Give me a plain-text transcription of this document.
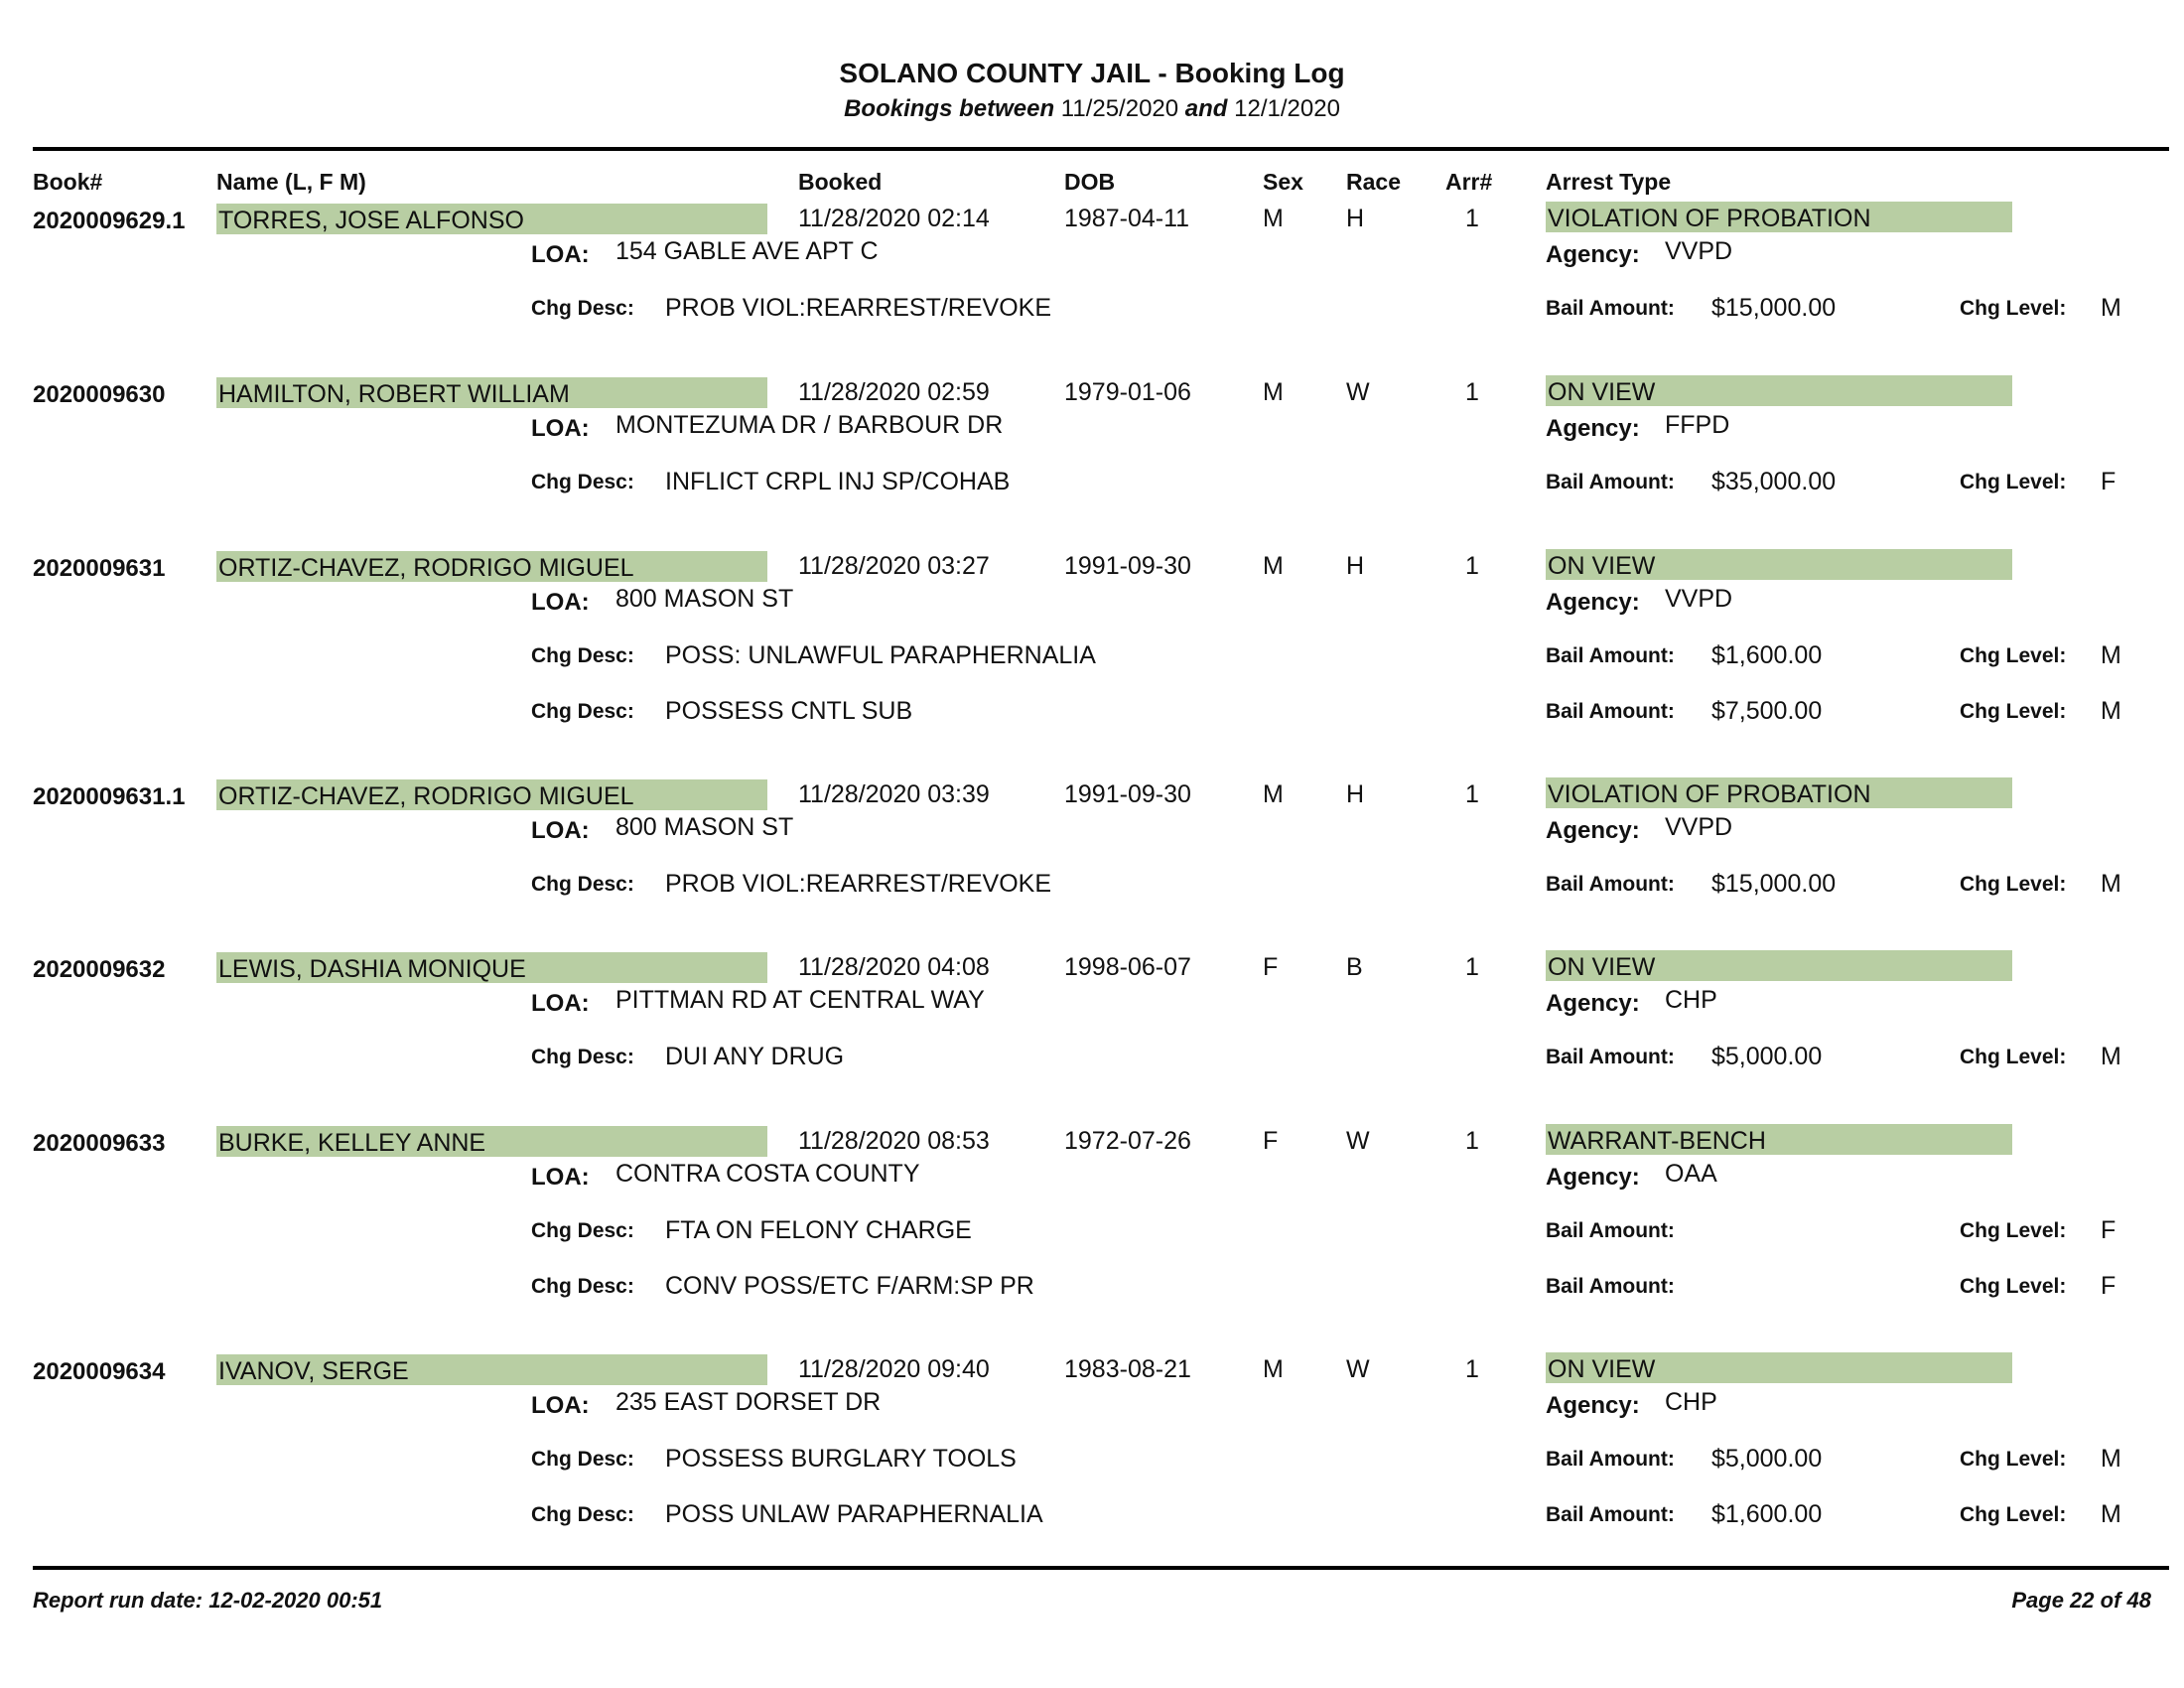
SOLANO COUNTY JAIL - Booking Log
Bookings between 11/25/2020 and 12/1/2020
Book#	Name (L, F M)	Booked	DOB	Sex Race Arr# Arrest Type
2020009629.1 TORRES, JOSE ALFONSO	11/28/2020 02:14	1987-04-11	M	H	1	VIOLATION OF PROBATION
LOA: 154 GABLE AVE APT C	Agency: VVPD
Chg Desc: PROB VIOL:REARREST/REVOKE	Bail Amount: $15,000.00	Chg Level: M
2020009630 HAMILTON, ROBERT WILLIAM	11/28/2020 02:59	1979-01-06	M	W	1	ON VIEW
LOA: MONTEZUMA DR / BARBOUR DR	Agency: FFPD
Chg Desc: INFLICT CRPL INJ SP/COHAB	Bail Amount: $35,000.00	Chg Level: F
2020009631 ORTIZ-CHAVEZ, RODRIGO MIGUEL	11/28/2020 03:27	1991-09-30	M	H	1	ON VIEW
LOA: 800 MASON ST	Agency: VVPD
Chg Desc: POSS: UNLAWFUL PARAPHERNALIA	Bail Amount: $1,600.00	Chg Level: M
Chg Desc: POSSESS CNTL SUB	Bail Amount: $7,500.00	Chg Level: M
2020009631.1 ORTIZ-CHAVEZ, RODRIGO MIGUEL	11/28/2020 03:39	1991-09-30	M	H	1	VIOLATION OF PROBATION
LOA: 800 MASON ST	Agency: VVPD
Chg Desc: PROB VIOL:REARREST/REVOKE	Bail Amount: $15,000.00	Chg Level: M
2020009632 LEWIS, DASHIA MONIQUE	11/28/2020 04:08	1998-06-07	F	B	1	ON VIEW
LOA: PITTMAN RD AT CENTRAL WAY	Agency: CHP
Chg Desc: DUI ANY DRUG	Bail Amount: $5,000.00	Chg Level: M
2020009633 BURKE, KELLEY ANNE	11/28/2020 08:53	1972-07-26	F	W	1	WARRANT-BENCH
LOA: CONTRA COSTA COUNTY	Agency: OAA
Chg Desc: FTA ON FELONY CHARGE	Bail Amount:	Chg Level: F
Chg Desc: CONV POSS/ETC F/ARM:SP PR	Bail Amount:	Chg Level: F
2020009634 IVANOV, SERGE	11/28/2020 09:40	1983-08-21	M	W	1	ON VIEW
LOA: 235 EAST DORSET DR	Agency: CHP
Chg Desc: POSSESS BURGLARY TOOLS	Bail Amount: $5,000.00	Chg Level: M
Chg Desc: POSS UNLAW PARAPHERNALIA	Bail Amount: $1,600.00	Chg Level: M
Report run date: 12-02-2020 00:51	Page 22 of 48
